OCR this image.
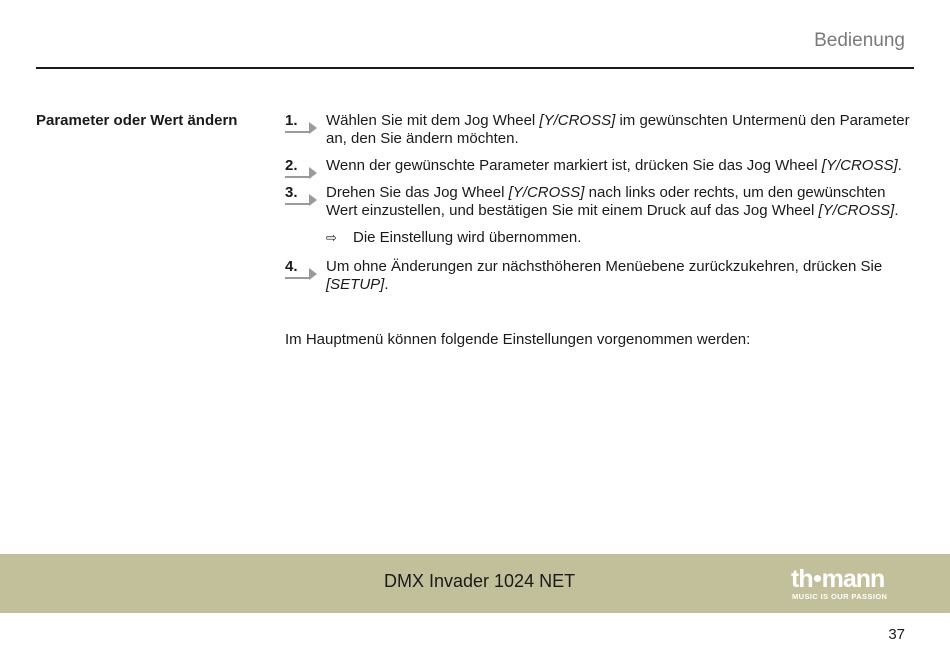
Bedienung
Parameter oder Wert ändern	1.	Wählen Sie mit dem Jog Wheel [Y/CROSS] im gewünschten Untermenü den Parameter an, den Sie ändern möchten.
2.	Wenn der gewünschte Parameter markiert ist, drücken Sie das Jog Wheel [Y/CROSS].
3.	Drehen Sie das Jog Wheel [Y/CROSS] nach links oder rechts, um den gewünschten Wert einzustellen, und bestätigen Sie mit einem Druck auf das Jog Wheel [Y/CROSS].
⇨ Die Einstellung wird übernommen.
4.	Um ohne Änderungen zur nächsthöheren Menüebene zurückzukehren, drücken Sie [SETUP].
Im Hauptmenü können folgende Einstellungen vorgenommen werden:
DMX Invader 1024 NET	th mann
MUSIC IS OUR PASSION
37
